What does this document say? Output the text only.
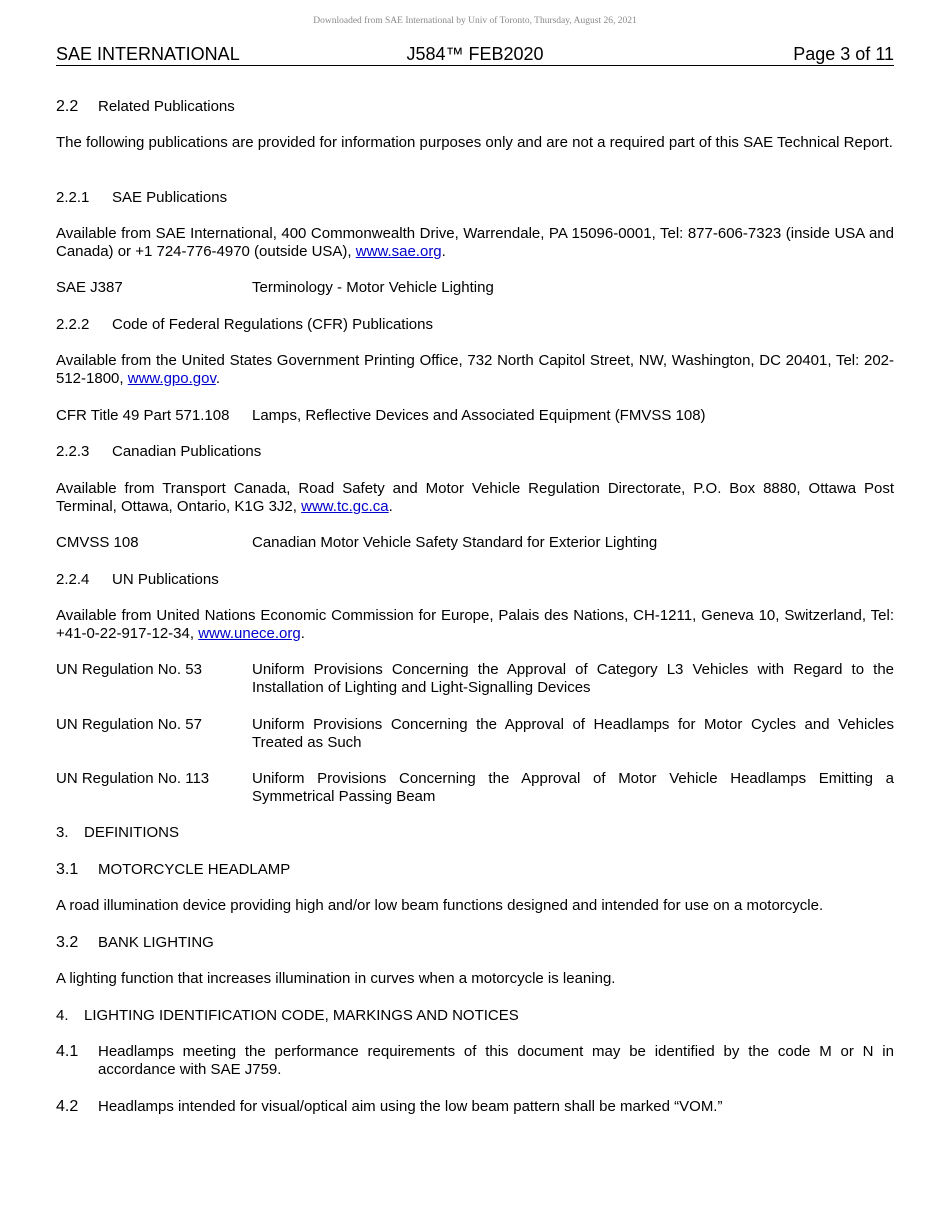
Downloaded from SAE International by Univ of Toronto, Thursday, August 26, 2021
SAE INTERNATIONAL	J584™ FEB2020	Page 3 of 11
2.2 Related Publications
The following publications are provided for information purposes only and are not a required part of this SAE Technical Report.
2.2.1 SAE Publications
Available from SAE International, 400 Commonwealth Drive, Warrendale, PA 15096-0001, Tel: 877-606-7323 (inside USA and Canada) or +1 724-776-4970 (outside USA), www.sae.org.
SAE J387	Terminology - Motor Vehicle Lighting
2.2.2 Code of Federal Regulations (CFR) Publications
Available from the United States Government Printing Office, 732 North Capitol Street, NW, Washington, DC 20401, Tel: 202-512-1800, www.gpo.gov.
CFR Title 49 Part 571.108 Lamps, Reflective Devices and Associated Equipment (FMVSS 108)
2.2.3 Canadian Publications
Available from Transport Canada, Road Safety and Motor Vehicle Regulation Directorate, P.O. Box 8880, Ottawa Post Terminal, Ottawa, Ontario, K1G 3J2, www.tc.gc.ca.
CMVSS 108	Canadian Motor Vehicle Safety Standard for Exterior Lighting
2.2.4 UN Publications
Available from United Nations Economic Commission for Europe, Palais des Nations, CH-1211, Geneva 10, Switzerland, Tel: +41-0-22-917-12-34, www.unece.org.
UN Regulation No. 53	Uniform Provisions Concerning the Approval of Category L3 Vehicles with Regard to the Installation of Lighting and Light-Signalling Devices
UN Regulation No. 57	Uniform Provisions Concerning the Approval of Headlamps for Motor Cycles and Vehicles Treated as Such
UN Regulation No. 113	Uniform Provisions Concerning the Approval of Motor Vehicle Headlamps Emitting a Symmetrical Passing Beam
3. DEFINITIONS
3.1 MOTORCYCLE HEADLAMP
A road illumination device providing high and/or low beam functions designed and intended for use on a motorcycle.
3.2 BANK LIGHTING
A lighting function that increases illumination in curves when a motorcycle is leaning.
4. LIGHTING IDENTIFICATION CODE, MARKINGS AND NOTICES
4.1 Headlamps meeting the performance requirements of this document may be identified by the code M or N in accordance with SAE J759.
4.2 Headlamps intended for visual/optical aim using the low beam pattern shall be marked “VOM.”
